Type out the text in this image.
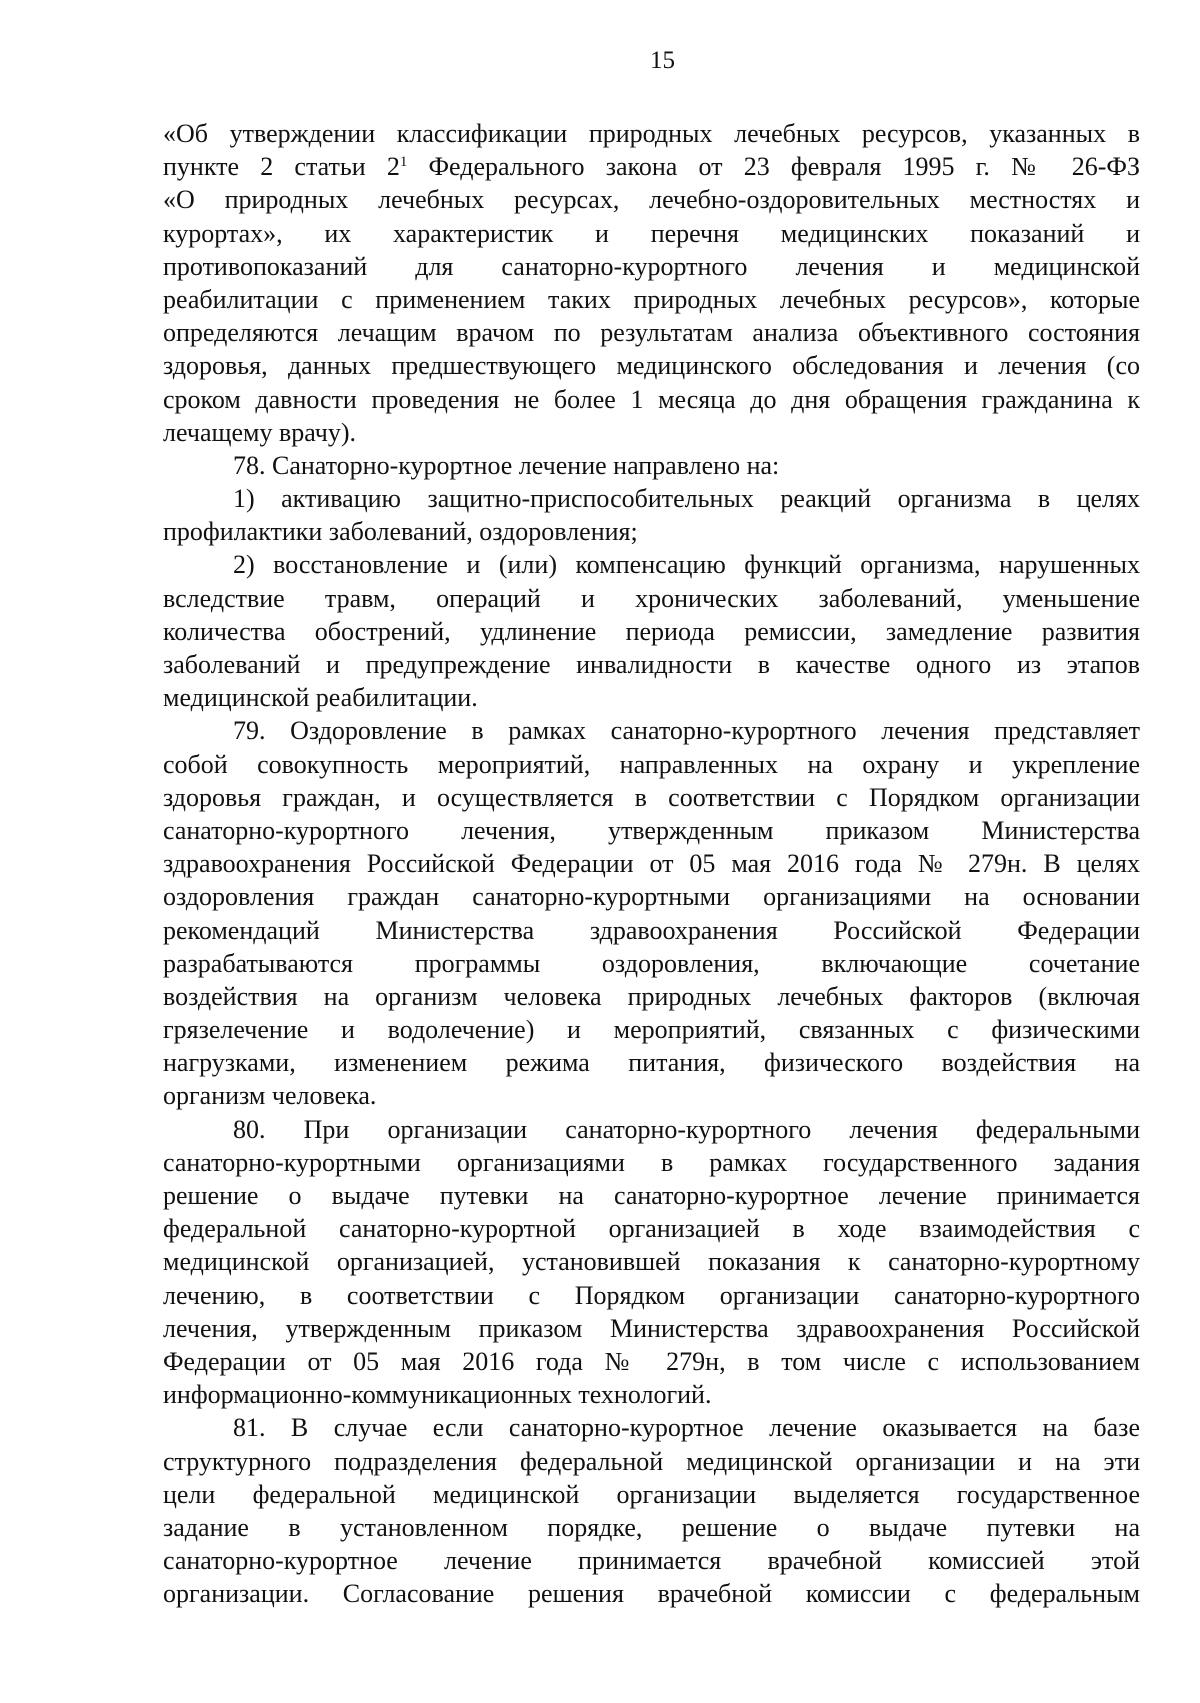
15
«Об утверждении классификации природных лечебных ресурсов, указанных в
пункте 2 статьи $2^1$ Федерального закона от 23 февраля 1995 г. № 26-ФЗ
«О природных лечебных ресурсах, лечебно-оздоровительных местностях и
курортах», их характеристик и перечня медицинских показаний и
противопоказаний для санаторно-курортного лечения и медицинской
реабилитации с применением таких природных лечебных ресурсов», которые
определяются лечащим врачом по результатам анализа объективного состояния
здоровья, данных предшествующего медицинского обследования и лечения (со
сроком давности проведения не более 1 месяца до дня обращения гражданина к
лечащему врачу).
78. Санаторно-курортное лечение направлено на:
1) активацию защитно-приспособительных реакций организма в целях
профилактики заболеваний, оздоровления;
2) восстановление и (или) компенсацию функций организма, нарушенных
вследствие травм, операций и хронических заболеваний, уменьшение
количества обострений, удлинение периода ремиссии, замедление развития
заболеваний и предупреждение инвалидности в качестве одного из этапов
медицинской реабилитации.
79. Оздоровление в рамках санаторно-курортного лечения представляет
собой совокупность мероприятий, направленных на охрану и укрепление
здоровья граждан, и осуществляется в соответствии с Порядком организации
санаторно-курортного лечения, утвержденным приказом Министерства
здравоохранения Российской Федерации от 05 мая 2016 года № 279н. В целях
оздоровления граждан санаторно-курортными организациями на основании
рекомендаций Министерства здравоохранения Российской Федерации
разрабатываются программы оздоровления, включающие сочетание
воздействия на организм человека природных лечебных факторов (включая
грязелечение и водолечение) и мероприятий, связанных с физическими
нагрузками, изменением режима питания, физического воздействия на
организм человека.
80. При организации санаторно-курортного лечения федеральными
санаторно-курортными организациями в рамках государственного задания
решение о выдаче путевки на санаторно-курортное лечение принимается
федеральной санаторно-курортной организацией в ходе взаимодействия с
медицинской организацией, установившей показания к санаторно-курортному
лечению, в соответствии с Порядком организации санаторно-курортного
лечения, утвержденным приказом Министерства здравоохранения Российской
Федерации от 05 мая 2016 года № 279н, в том числе с использованием
информационно-коммуникационных технологий.
81. В случае если санаторно-курортное лечение оказывается на базе
структурного подразделения федеральной медицинской организации и на эти
цели федеральной медицинской организации выделяется государственное
задание в установленном порядке, решение о выдаче путевки на
санаторно-курортное лечение принимается врачебной комиссией этой
организации. Согласование решения врачебной комиссии с федеральным
